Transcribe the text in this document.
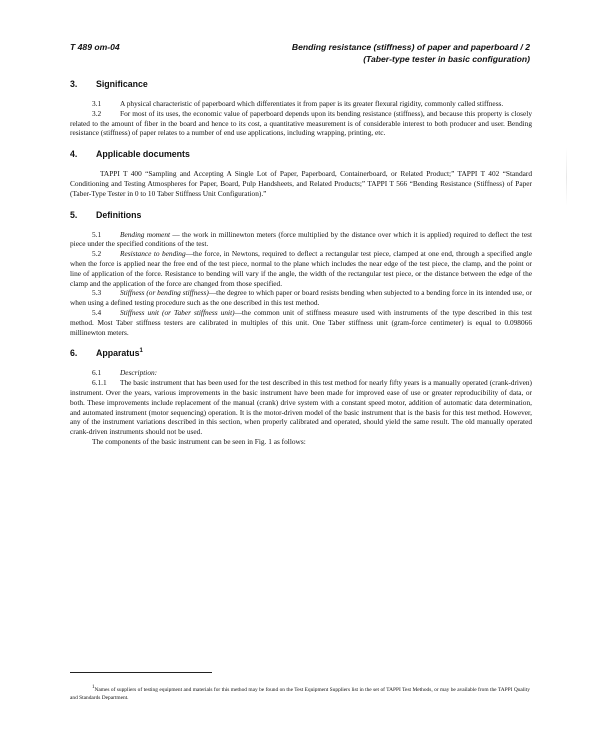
T 489 om-04	Bending resistance (stiffness) of paper and paperboard / 2
(Taber-type tester in basic configuration)
3.	Significance

3.1	A physical characteristic of paperboard which differentiates it from paper is its greater flexural rigidity, commonly called stiffness.

3.2	For most of its uses, the economic value of paperboard depends upon its bending resistance (stiffness), and because this property is closely related to the amount of fiber in the board and hence to its cost, a quantitative measurement is of considerable interest to both producer and user. Bending resistance (stiffness) of paper relates to a number of end use applications, including wrapping, printing, etc.

4.	Applicable documents

TAPPI T 400 “Sampling and Accepting A Single Lot of Paper, Paperboard, Containerboard, or Related Product;” TAPPI T 402 “Standard Conditioning and Testing Atmospheres for Paper, Board, Pulp Handsheets, and Related Products;” TAPPI T 566 “Bending Resistance (Stiffness) of Paper (Taber-Type Tester in 0 to 10 Taber Stiffness Unit Configuration).”

5.	Definitions

5.1	Bending moment — the work in millinewton meters (force multiplied by the distance over which it is applied) required to deflect the test piece under the specified conditions of the test.

5.2	Resistance to bending—the force, in Newtons, required to deflect a rectangular test piece, clamped at one end, through a specified angle when the force is applied near the free end of the test piece, normal to the plane which includes the near edge of the test piece, the clamp, and the point or line of application of the force. Resistance to bending will vary if the angle, the width of the rectangular test piece, or the distance between the edge of the clamp and the application of the force are changed from those specified.

5.3	Stiffness (or bending stiffness)—the degree to which paper or board resists bending when subjected to a bending force in its intended use, or when using a defined testing procedure such as the one described in this test method.

5.4	Stiffness unit (or Taber stiffness unit)—the common unit of stiffness measure used with instruments of the type described in this test method. Most Taber stiffness testers are calibrated in multiples of this unit. One Taber stiffness unit (gram-force centimeter) is equal to 0.098066 millinewton meters.

6.	Apparatus$^1$

6.1	Description:

6.1.1 The basic instrument that has been used for the test described in this test method for nearly fifty years is a manually operated (crank-driven) instrument. Over the years, various improvements in the basic instrument have been made for improved ease of use or greater reproducibility of data, or both. These improvements include replacement of the manual (crank) drive system with a constant speed motor, addition of automatic data determination, and automated instrument (motor sequencing) operation. It is the motor-driven model of the basic instrument that is the basis for this test method. However, any of the instrument variations described in this section, when properly calibrated and operated, should yield the same result. The old manually operated crank-driven instruments should not be used.

The components of the basic instrument can be seen in Fig. 1 as follows:

$^1$Names of suppliers of testing equipment and materials for this method may be found on the Test Equipment Suppliers list in the set of TAPPI Test Methods, or may be available from the TAPPI Quality and Standards Department.
